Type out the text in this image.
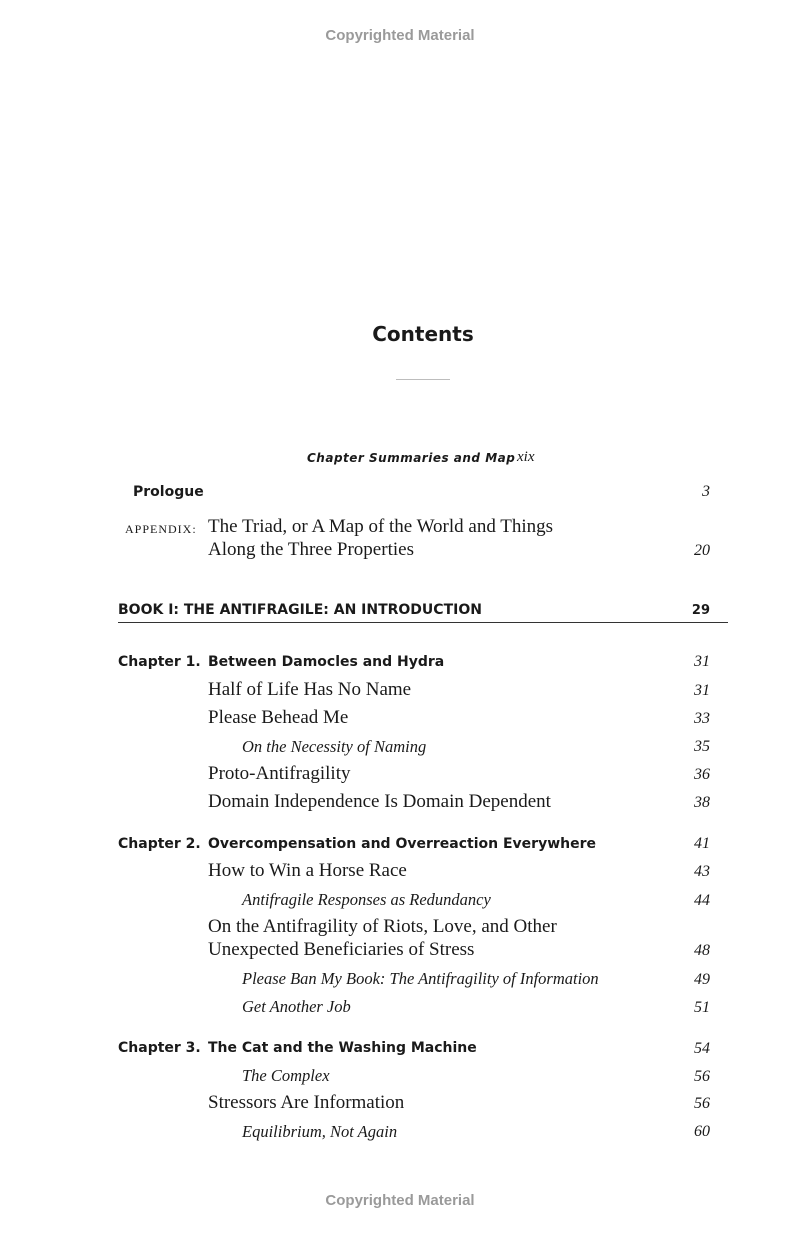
Copyrighted Material
Contents
Chapter Summaries and Map xix
Prologue	3
APPENDIX: The Triad, or A Map of the World and Things
Along the Three Properties	20
BOOK I: THE ANTIFRAGILE: AN INTRODUCTION	29
Chapter 1. Between Damocles and Hydra	31
Half of Life Has No Name	31
Please Behead Me	33
On the Necessity of Naming	35
Proto-Antifragility	36
Domain Independence Is Domain Dependent	38
Chapter 2. Overcompensation and Overreaction Everywhere	41
How to Win a Horse Race	43
Antifragile Responses as Redundancy	44
On the Antifragility of Riots, Love, and Other
Unexpected Beneficiaries of Stress	48
Please Ban My Book: The Antifragility of Information	49
Get Another Job	51
Chapter 3. The Cat and the Washing Machine	54
The Complex	56
Stressors Are Information	56
Equilibrium, Not Again	60
Copyrighted Material
